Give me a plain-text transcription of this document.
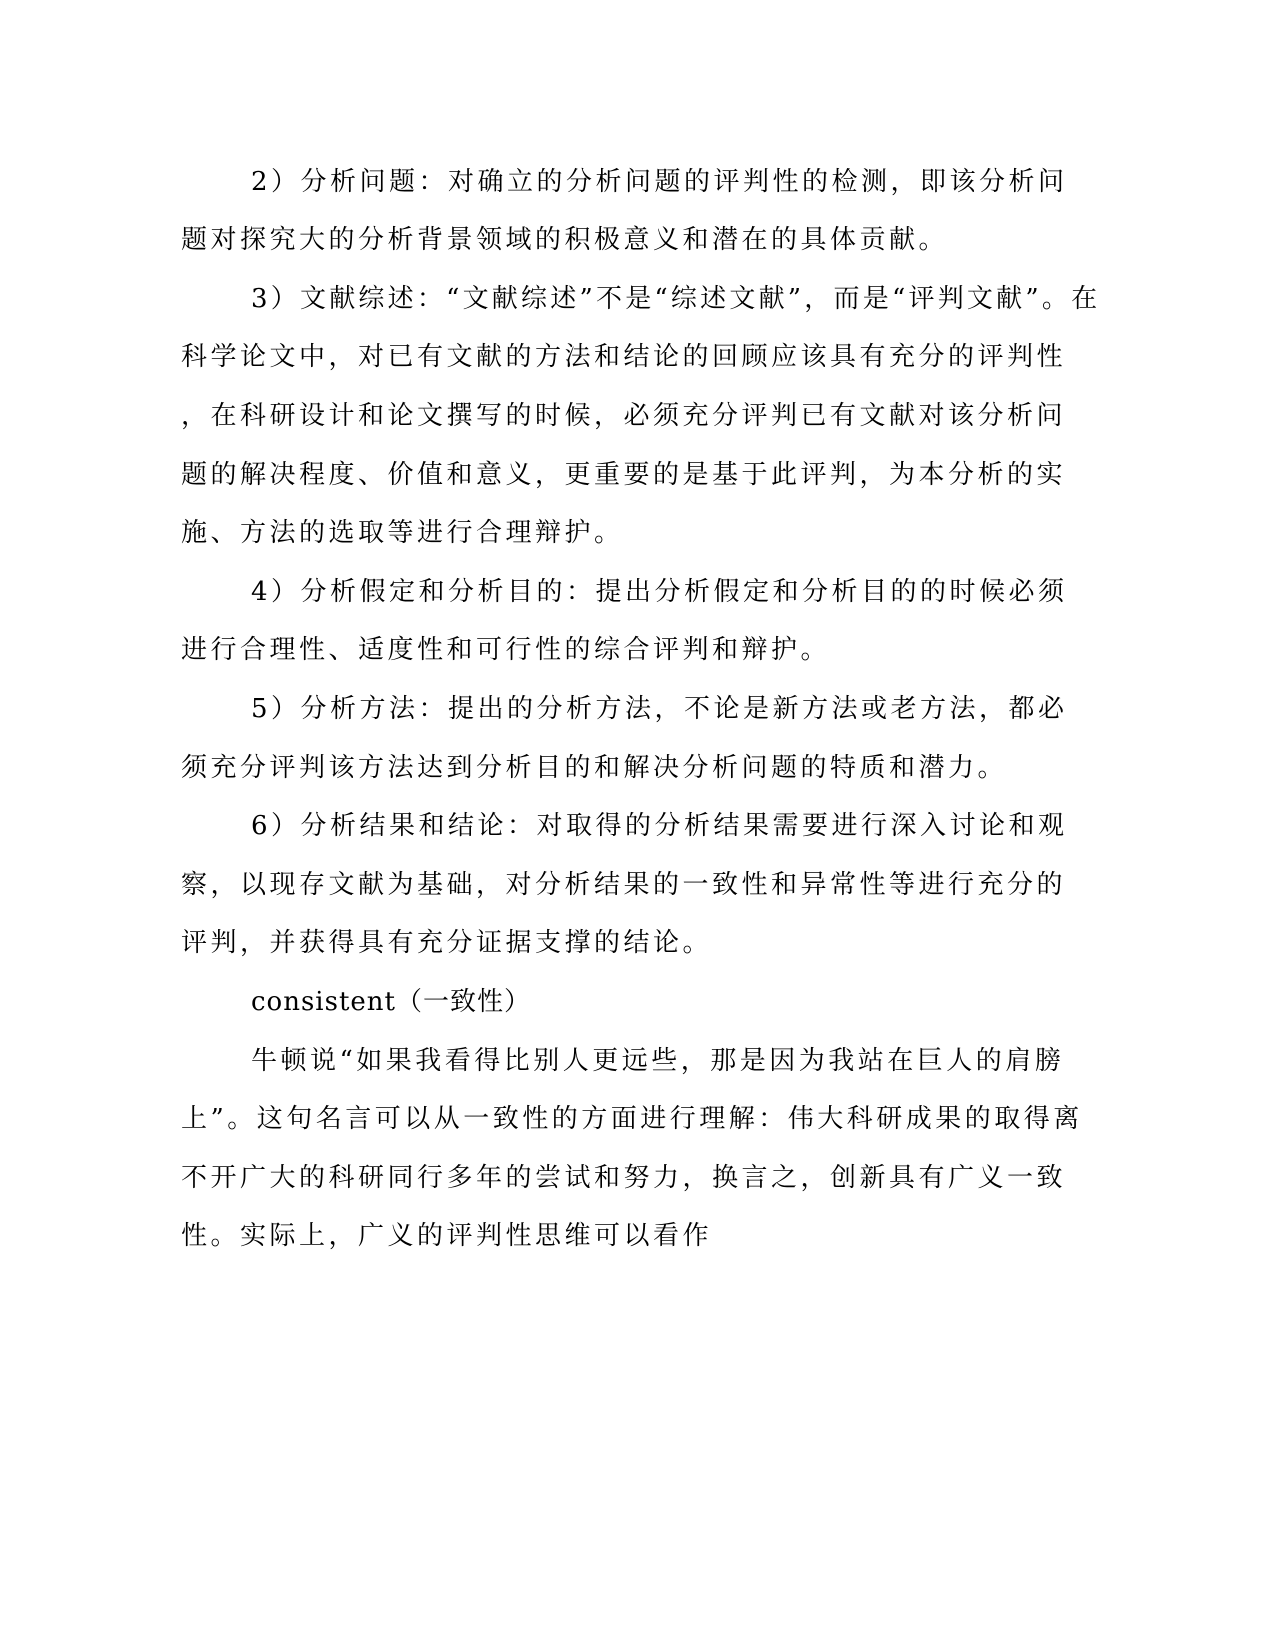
2）分析问题：对确立的分析问题的评判性的检测，即该分析问
题对探究大的分析背景领域的积极意义和潜在的具体贡献。
3）文献综述：“文献综述”不是“综述文献”，而是“评判文献”。在
科学论文中，对已有文献的方法和结论的回顾应该具有充分的评判性
，在科研设计和论文撰写的时候，必须充分评判已有文献对该分析问
题的解决程度、价值和意义，更重要的是基于此评判，为本分析的实
施、方法的选取等进行合理辩护。
4）分析假定和分析目的：提出分析假定和分析目的的时候必须
进行合理性、适度性和可行性的综合评判和辩护。
5）分析方法：提出的分析方法，不论是新方法或老方法，都必
须充分评判该方法达到分析目的和解决分析问题的特质和潜力。
6）分析结果和结论：对取得的分析结果需要进行深入讨论和观
察，以现存文献为基础，对分析结果的一致性和异常性等进行充分的
评判，并获得具有充分证据支撑的结论。
consistent（一致性）
牛顿说“如果我看得比别人更远些，那是因为我站在巨人的肩膀
上”。这句名言可以从一致性的方面进行理解：伟大科研成果的取得离
不开广大的科研同行多年的尝试和努力，换言之，创新具有广义一致
性。实际上，广义的评判性思维可以看作
